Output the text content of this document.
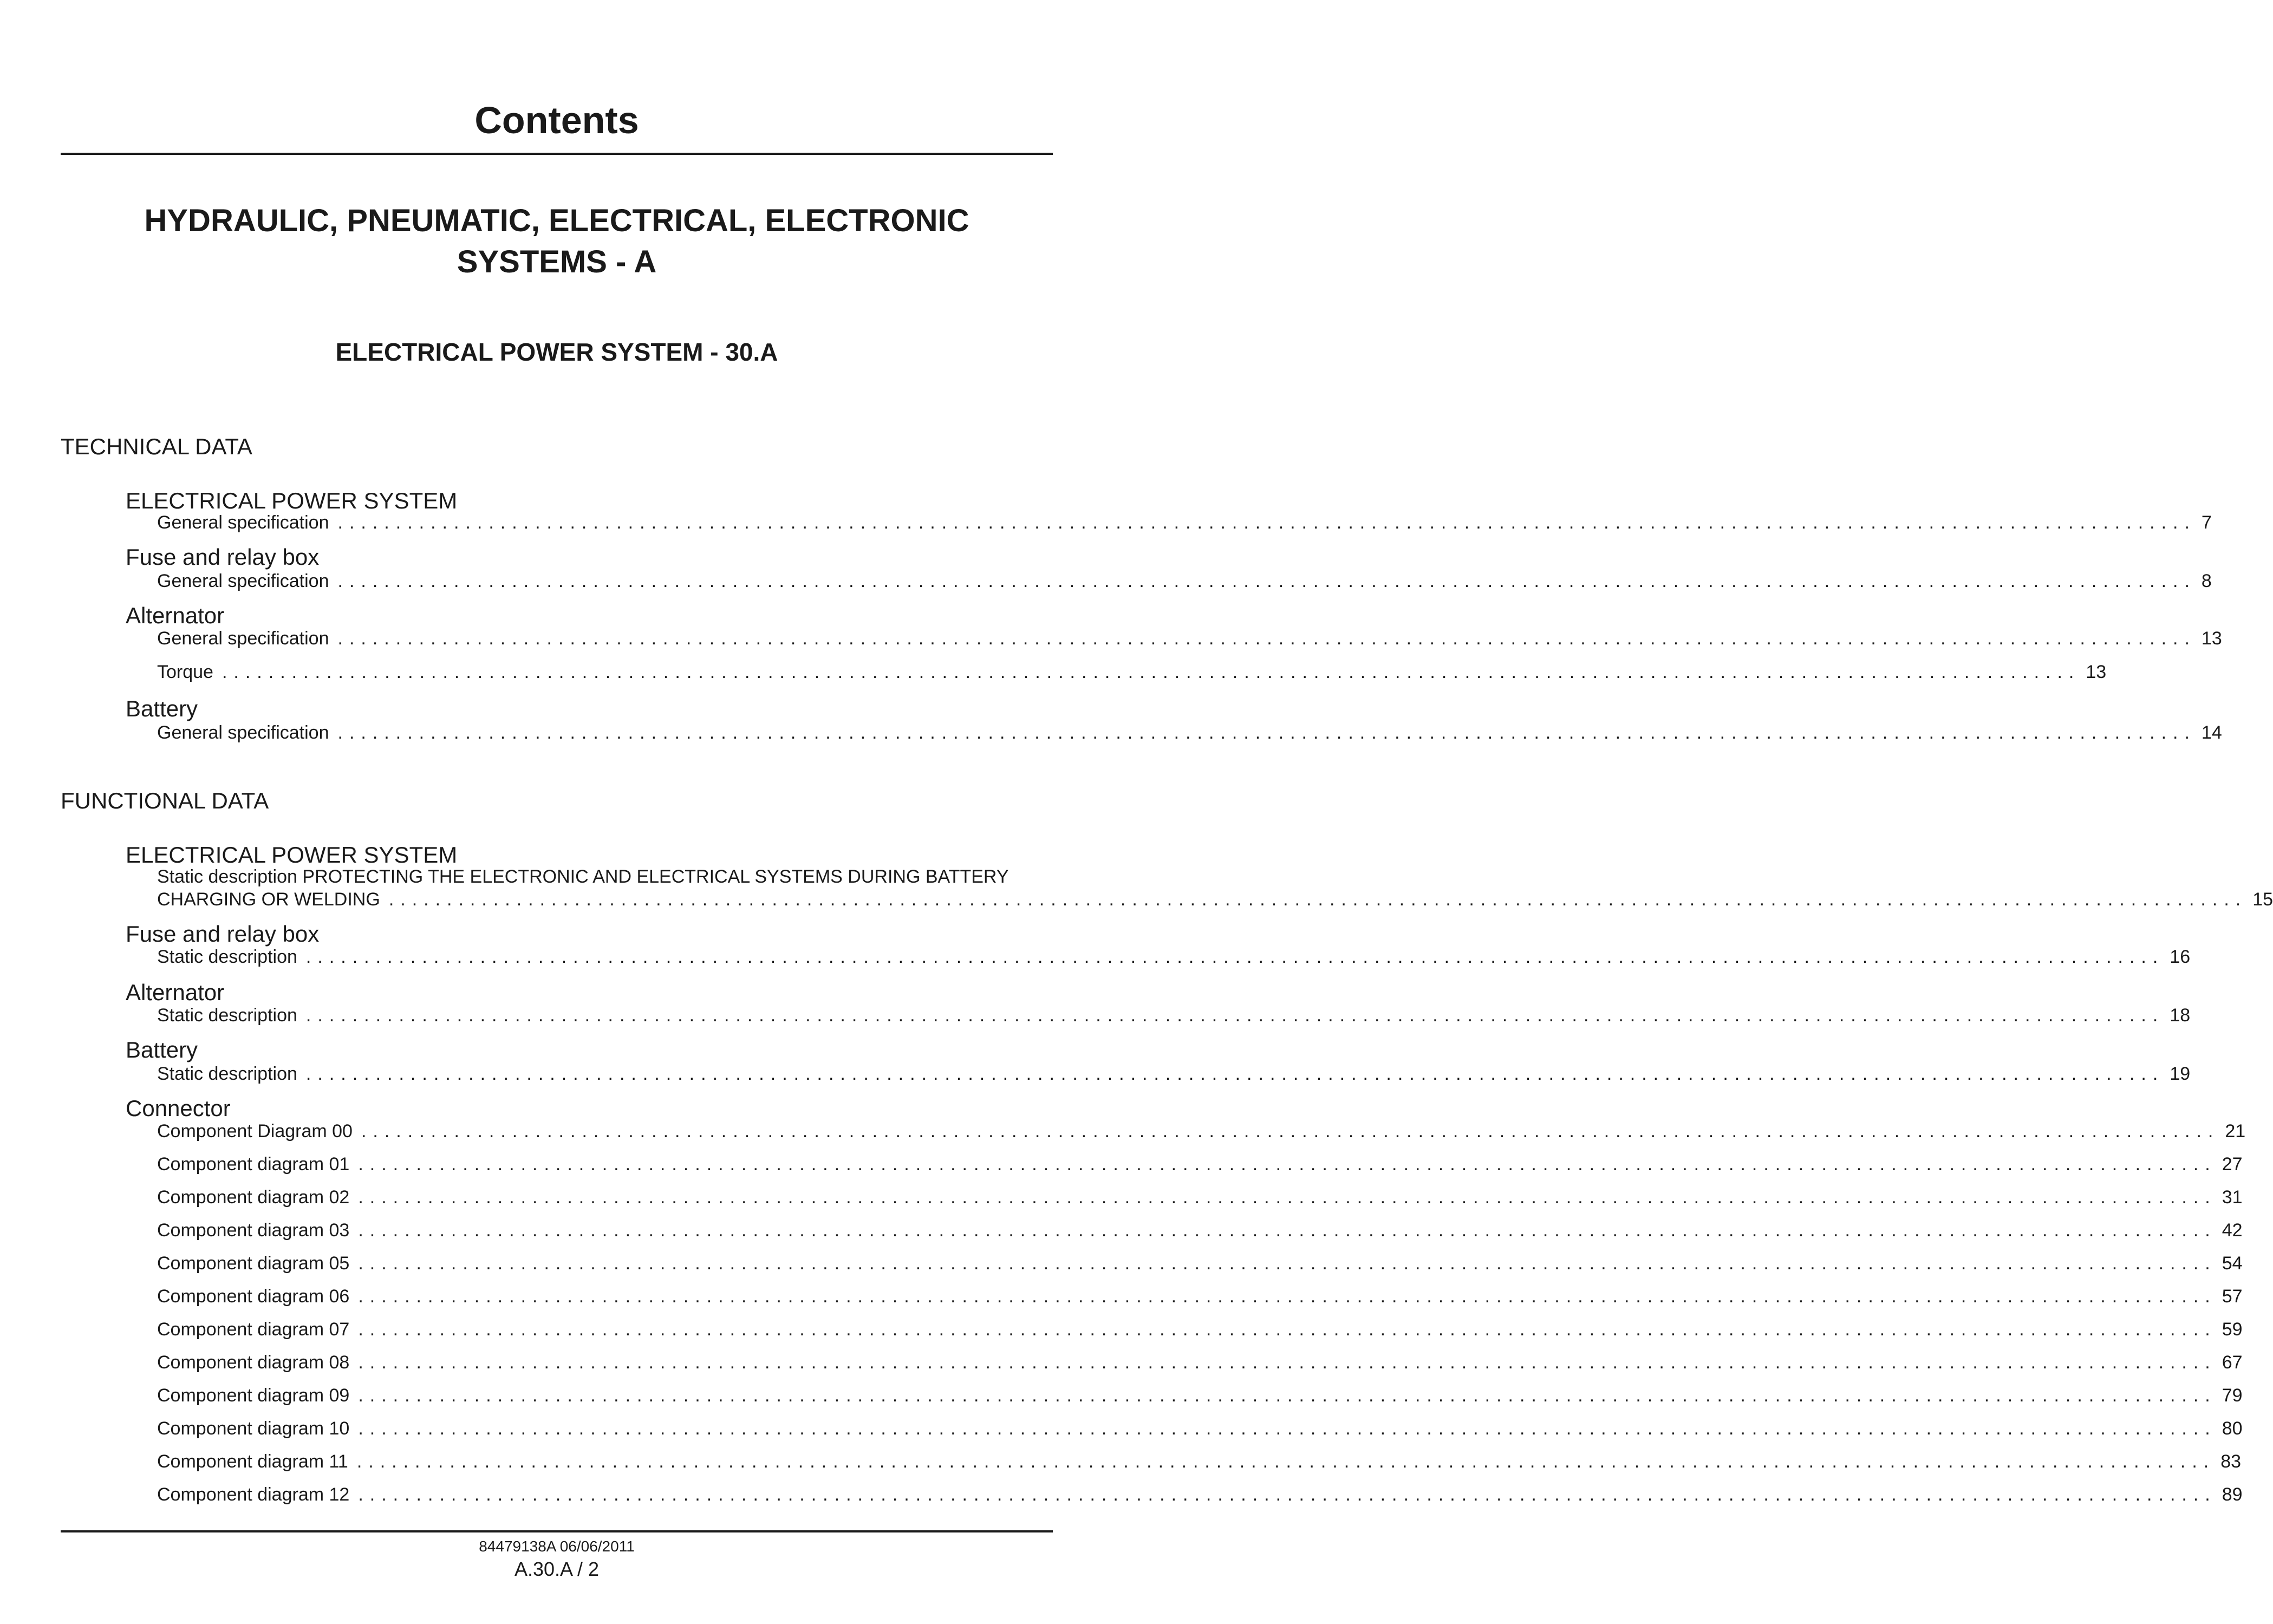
Contents
HYDRAULIC, PNEUMATIC, ELECTRICAL, ELECTRONIC
SYSTEMS - A
ELECTRICAL POWER SYSTEM - 30.A
TECHNICAL DATA
ELECTRICAL POWER SYSTEM
General specification ................................................................................................................................................................ 7
Fuse and relay box
General specification ................................................................................................................................................................ 8
Alternator
General specification ................................................................................................................................................................ 13
Torque ................................................................................................................................................................ 13
Battery
General specification ................................................................................................................................................................ 14
FUNCTIONAL DATA
ELECTRICAL POWER SYSTEM
Static description PROTECTING THE ELECTRONIC AND ELECTRICAL SYSTEMS DURING BATTERY
CHARGING OR WELDING ................................................................................................................................................................ 15
Fuse and relay box
Static description ................................................................................................................................................................ 16
Alternator
Static description ................................................................................................................................................................ 18
Battery
Static description ................................................................................................................................................................ 19
Connector
Component Diagram 00 ................................................................................................................................................................ 21
Component diagram 01 ................................................................................................................................................................ 27
Component diagram 02 ................................................................................................................................................................ 31
Component diagram 03 ................................................................................................................................................................ 42
Component diagram 05 ................................................................................................................................................................ 54
Component diagram 06 ................................................................................................................................................................ 57
Component diagram 07 ................................................................................................................................................................ 59
Component diagram 08 ................................................................................................................................................................ 67
Component diagram 09 ................................................................................................................................................................ 79
Component diagram 10 ................................................................................................................................................................ 80
Component diagram 11 ................................................................................................................................................................ 83
Component diagram 12 ................................................................................................................................................................ 89
84479138A 06/06/2011
A.30.A / 2
